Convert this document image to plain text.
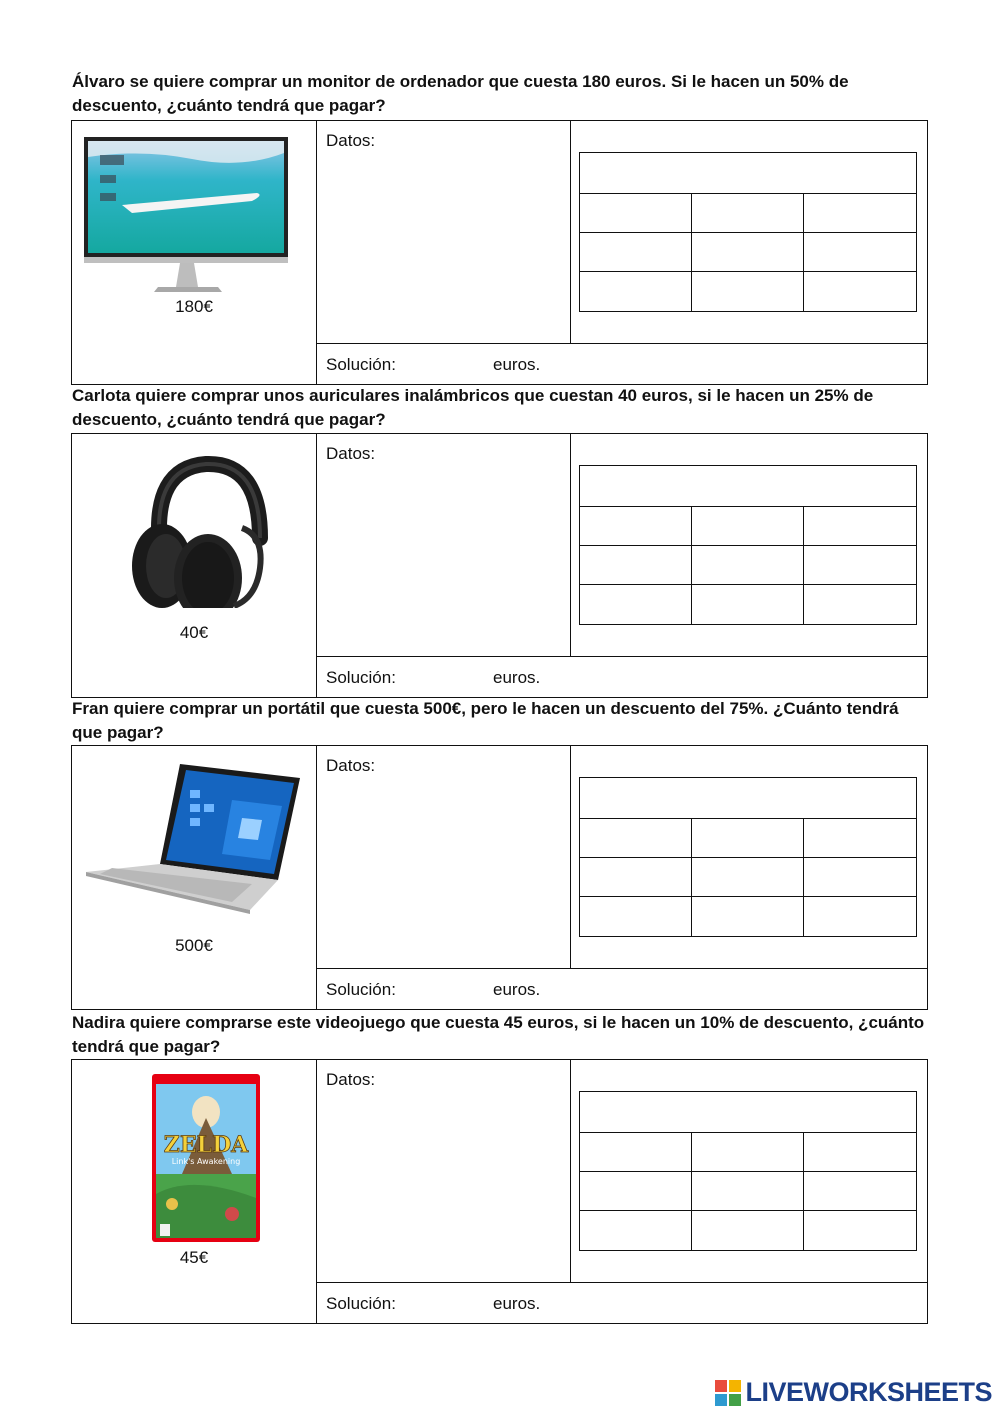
Álvaro se quiere comprar un monitor de ordenador que cuesta 180 euros. Si le hacen un 50% de descuento, ¿cuánto tendrá que pagar?
180€
Datos:
Solución:	euros.
Carlota quiere comprar unos auriculares inalámbricos que cuestan 40 euros, si le hacen un 25% de descuento, ¿cuánto tendrá que pagar?
40€
Datos:
Solución:	euros.
Fran quiere comprar un portátil que cuesta 500€, pero le hacen un descuento del 75%. ¿Cuánto tendrá que pagar?
500€
Datos:
Solución:	euros.
Nadira quiere comprarse este videojuego que cuesta 45 euros, si le hacen un 10% de descuento, ¿cuánto tendrá que pagar?
ZELDA
Link's Awakening
45€
Datos:
Solución:	euros.
LIVEWORKSHEETS
